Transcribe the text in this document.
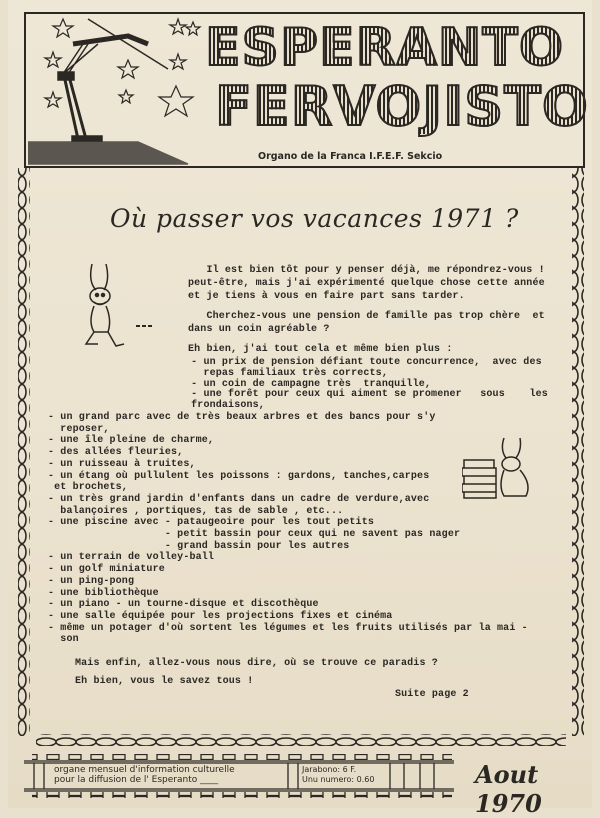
ESPERANTO
FERVOJISTO
Organo de la Franca I.F.E.F. Sekcio
Où passer vos vacances 1971 ?
Il est bien tôt pour y penser déjà, me répondrez-vous !
peut-être, mais j'ai expérimenté quelque chose cette année
et je tiens à vous en faire part sans tarder.
Cherchez-vous une pension de famille pas trop chère  et
dans un coin agréable ?
Eh bien, j'ai tout cela et même bien plus :
- un prix de pension défiant toute concurrence,  avec des
repas familiaux très corrects,
- un coin de campagne très  tranquille,
- une forêt pour ceux qui aiment se promener   sous    les
frondaisons,
- un grand parc avec de très beaux arbres et des bancs pour s'y
reposer,
- une île pleine de charme,
- des allées fleuries,
- un ruisseau à truites,
- un étang où pullulent les poissons : gardons, tanches,carpes
et brochets,
- un très grand jardin d'enfants dans un cadre de verdure,avec
balançoires , portiques, tas de sable , etc...
- une piscine avec - pataugeoire pour les tout petits
- petit bassin pour ceux qui ne savent pas nager
- grand bassin pour les autres
- un terrain de volley-ball
- un golf miniature
- un ping-pong
- une bibliothèque
- un piano - un tourne-disque et discothèque
- une salle équipée pour les projections fixes et cinéma
- même un potager d'où sortent les légumes et les fruits utilisés par la mai -
son
Mais enfin, allez-vous nous dire, où se trouve ce paradis ?
Eh bien, vous le savez tous !
Suite page 2
organe mensuel d'information culturelle
pour la diffusion de l' Esperanto ____
Jarabono: 6 F.
Unu numero: 0.60	Aout 1970
